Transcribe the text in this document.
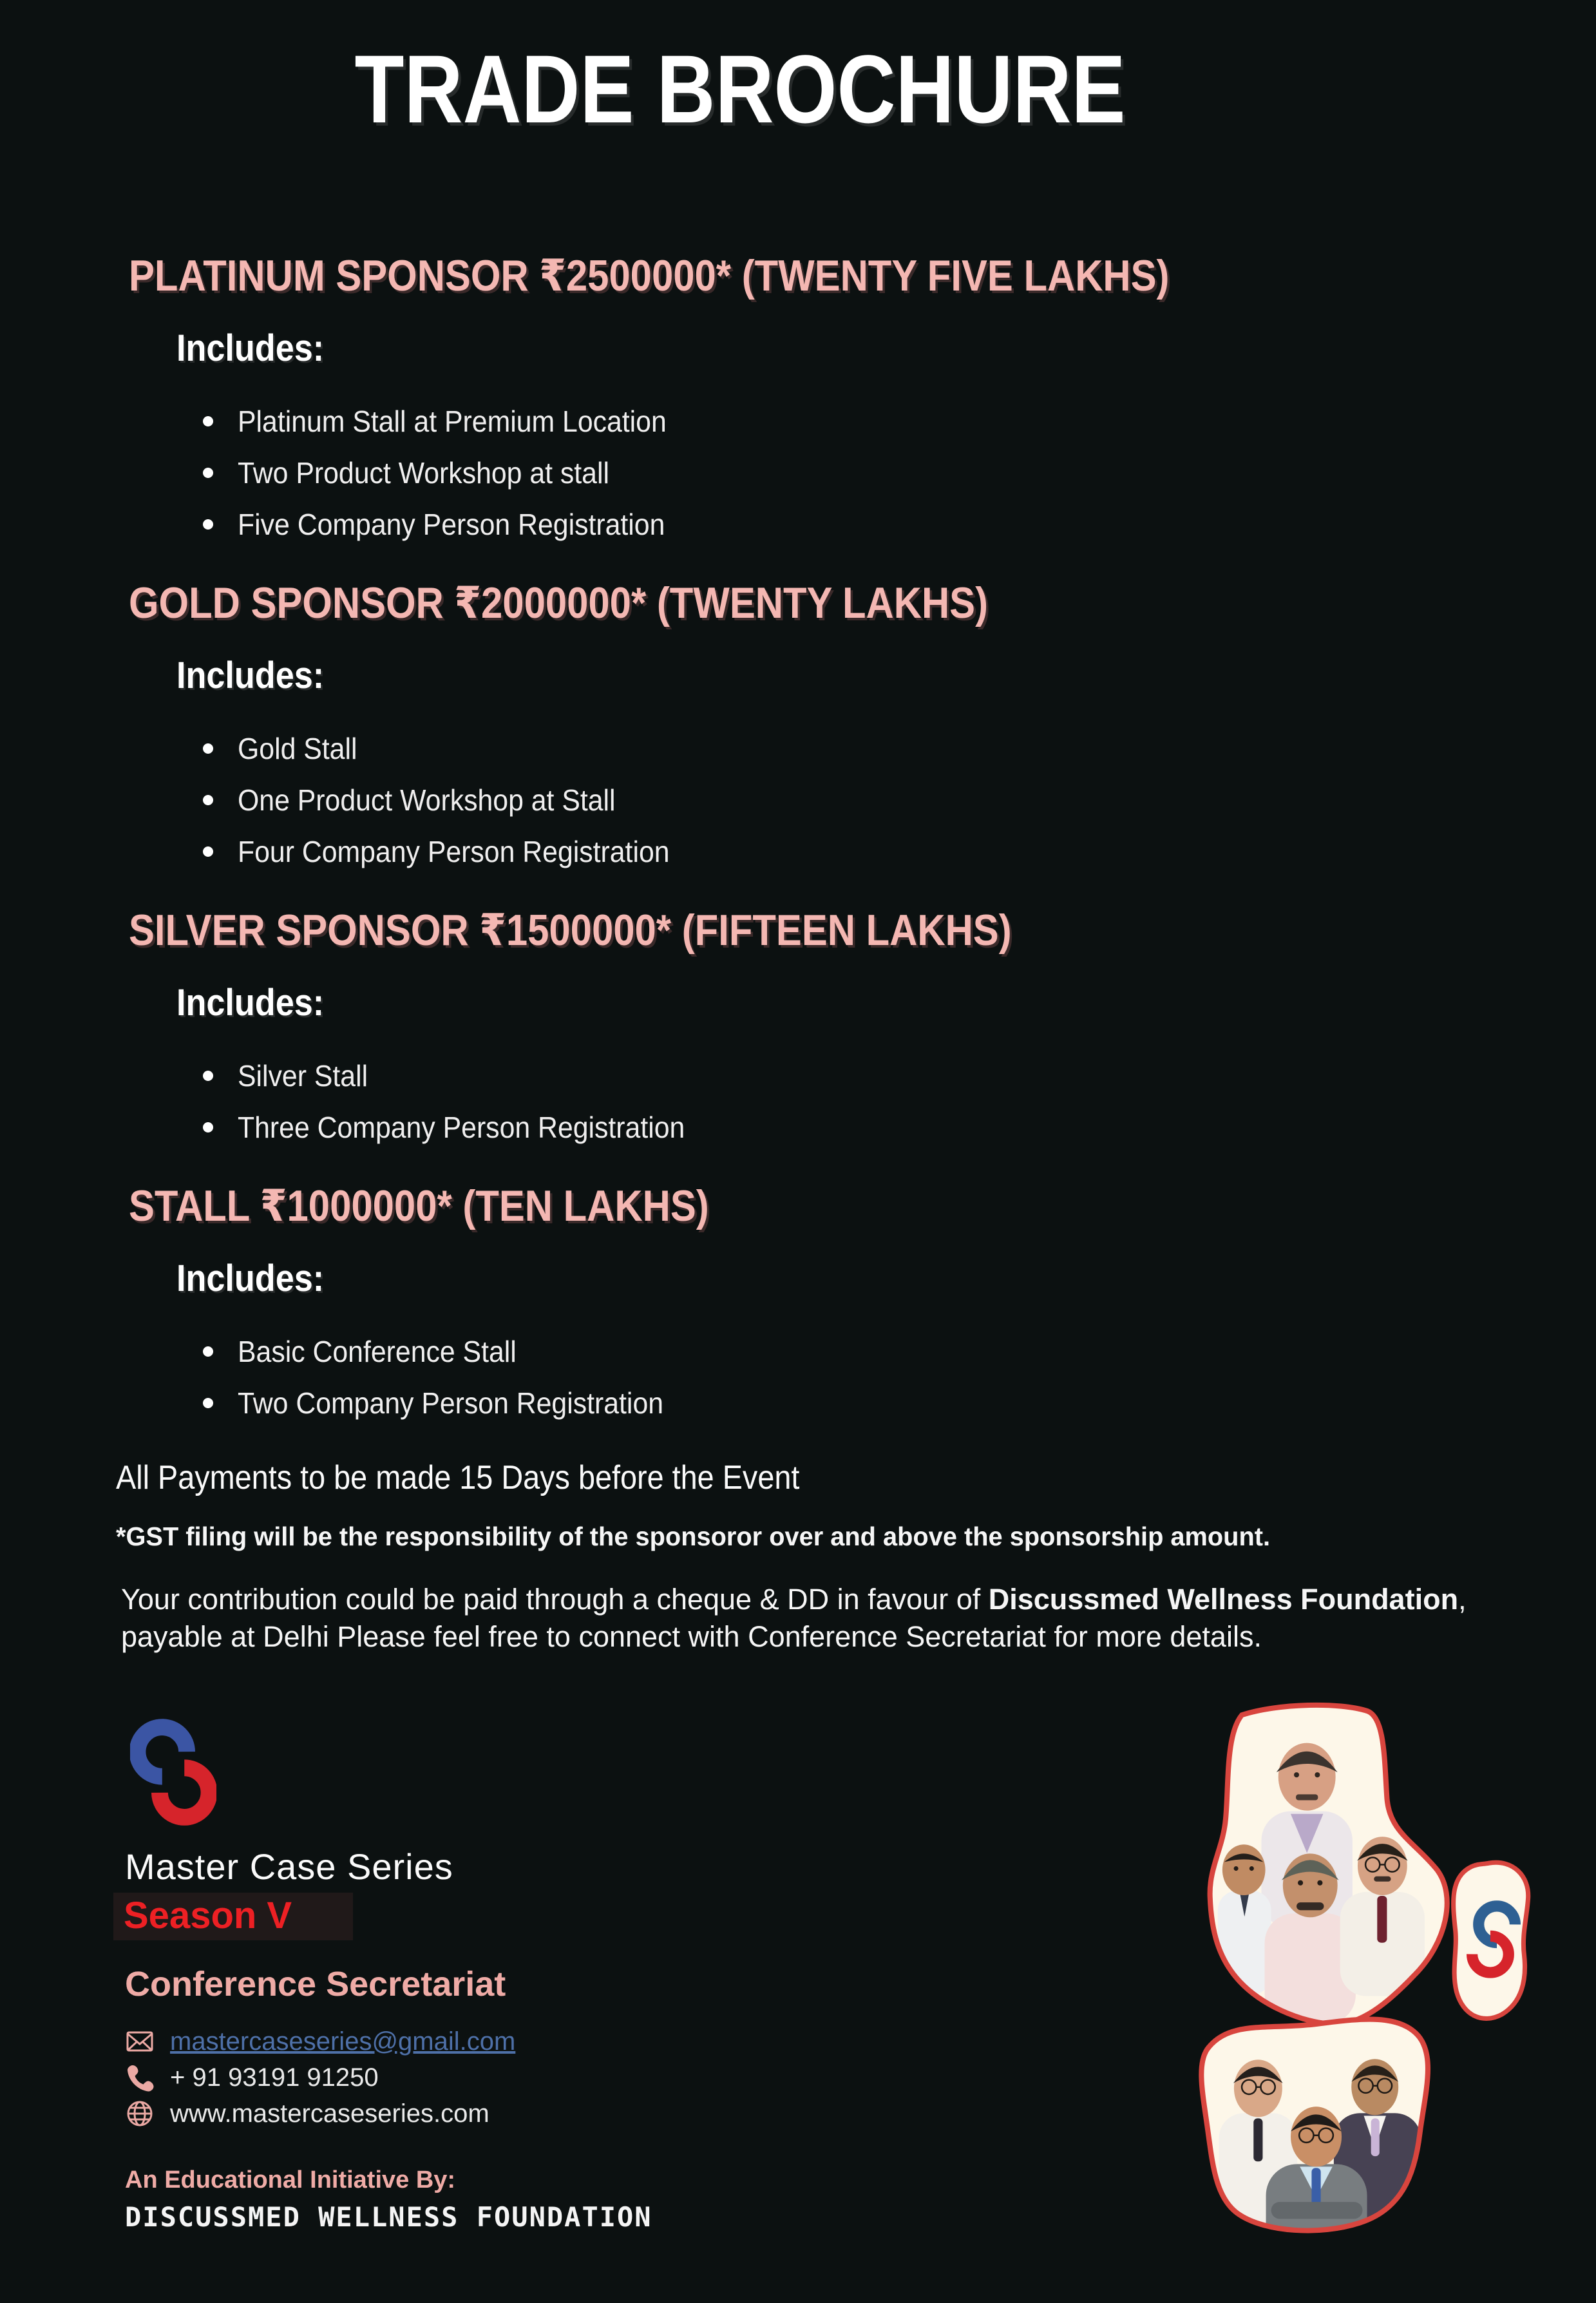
TRADE BROCHURE
PLATINUM SPONSOR ₹2500000* (TWENTY FIVE LAKHS)
Includes:
Platinum Stall at Premium Location
Two Product Workshop at stall
Five Company Person Registration
GOLD SPONSOR ₹2000000* (TWENTY LAKHS)
Includes:
Gold Stall
One Product Workshop at Stall
Four Company Person Registration
SILVER SPONSOR ₹1500000* (FIFTEEN LAKHS)
Includes:
Silver Stall
Three Company Person Registration
STALL ₹1000000* (TEN LAKHS)
Includes:
Basic Conference Stall
Two Company Person Registration

All Payments to be made 15 Days before the Event

*GST filing will be the responsibility of the sponsoror over and above the sponsorship amount.

Your contribution could be paid through a cheque & DD in favour of Discussmed Wellness Foundation, payable at Delhi Please feel free to connect with Conference Secretariat for more details.

Master Case Series
Season V
Conference Secretariat
mastercaseseries@gmail.com
+ 91 93191 91250
www.mastercaseseries.com
An Educational Initiative By:
DISCUSSMED WELLNESS FOUNDATION
